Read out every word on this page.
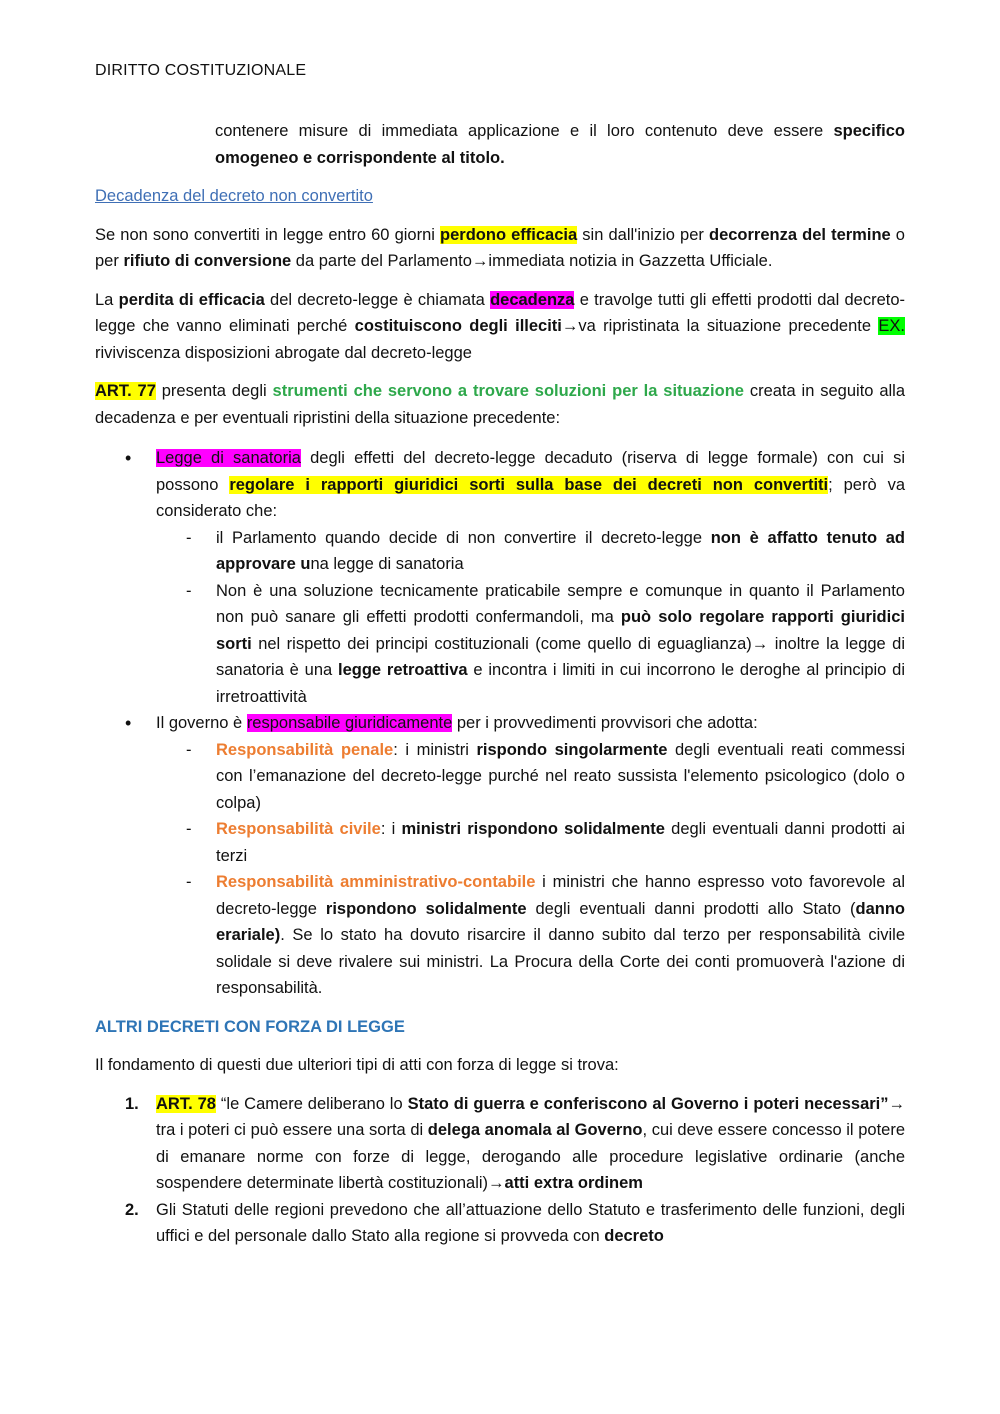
DIRITTO COSTITUZIONALE

contenere misure di immediata applicazione e il loro contenuto deve essere specifico omogeneo e corrispondente al titolo.

Decadenza del decreto non convertito

Se non sono convertiti in legge entro 60 giorni perdono efficacia sin dall'inizio per decorrenza del termine o per rifiuto di conversione da parte del Parlamento→immediata notizia in Gazzetta Ufficiale.

La perdita di efficacia del decreto-legge è chiamata decadenza e travolge tutti gli effetti prodotti dal decreto-legge che vanno eliminati perché costituiscono degli illeciti→va ripristinata la situazione precedente EX. riviviscenza disposizioni abrogate dal decreto-legge

ART. 77 presenta degli strumenti che servono a trovare soluzioni per la situazione creata in seguito alla decadenza e per eventuali ripristini della situazione precedente:

• Legge di sanatoria degli effetti del decreto-legge decaduto (riserva di legge formale) con cui si possono regolare i rapporti giuridici sorti sulla base dei decreti non convertiti; però va considerato che:
- il Parlamento quando decide di non convertire il decreto-legge non è affatto tenuto ad approvare una legge di sanatoria
- Non è una soluzione tecnicamente praticabile sempre e comunque in quanto il Parlamento non può sanare gli effetti prodotti confermandoli, ma può solo regolare rapporti giuridici sorti nel rispetto dei principi costituzionali (come quello di eguaglianza)→ inoltre la legge di sanatoria è una legge retroattiva e incontra i limiti in cui incorrono le deroghe al principio di irretroattività
• Il governo è responsabile giuridicamente per i provvedimenti provvisori che adotta:
- Responsabilità penale: i ministri rispondo singolarmente degli eventuali reati commessi con l’emanazione del decreto-legge purché nel reato sussista l'elemento psicologico (dolo o colpa)
- Responsabilità civile: i ministri rispondono solidalmente degli eventuali danni prodotti ai terzi
- Responsabilità amministrativo-contabile i ministri che hanno espresso voto favorevole al decreto-legge rispondono solidalmente degli eventuali danni prodotti allo Stato (danno erariale). Se lo stato ha dovuto risarcire il danno subito dal terzo per responsabilità civile solidale si deve rivalere sui ministri. La Procura della Corte dei conti promuoverà l'azione di responsabilità.

ALTRI DECRETI CON FORZA DI LEGGE

Il fondamento di questi due ulteriori tipi di atti con forza di legge si trova:

1. ART. 78 “le Camere deliberano lo Stato di guerra e conferiscono al Governo i poteri necessari”→ tra i poteri ci può essere una sorta di delega anomala al Governo, cui deve essere concesso il potere di emanare norme con forze di legge, derogando alle procedure legislative ordinarie (anche sospendere determinate libertà costituzionali)→atti extra ordinem
2. Gli Statuti delle regioni prevedono che all’attuazione dello Statuto e trasferimento delle funzioni, degli uffici e del personale dallo Stato alla regione si provveda con decreto
